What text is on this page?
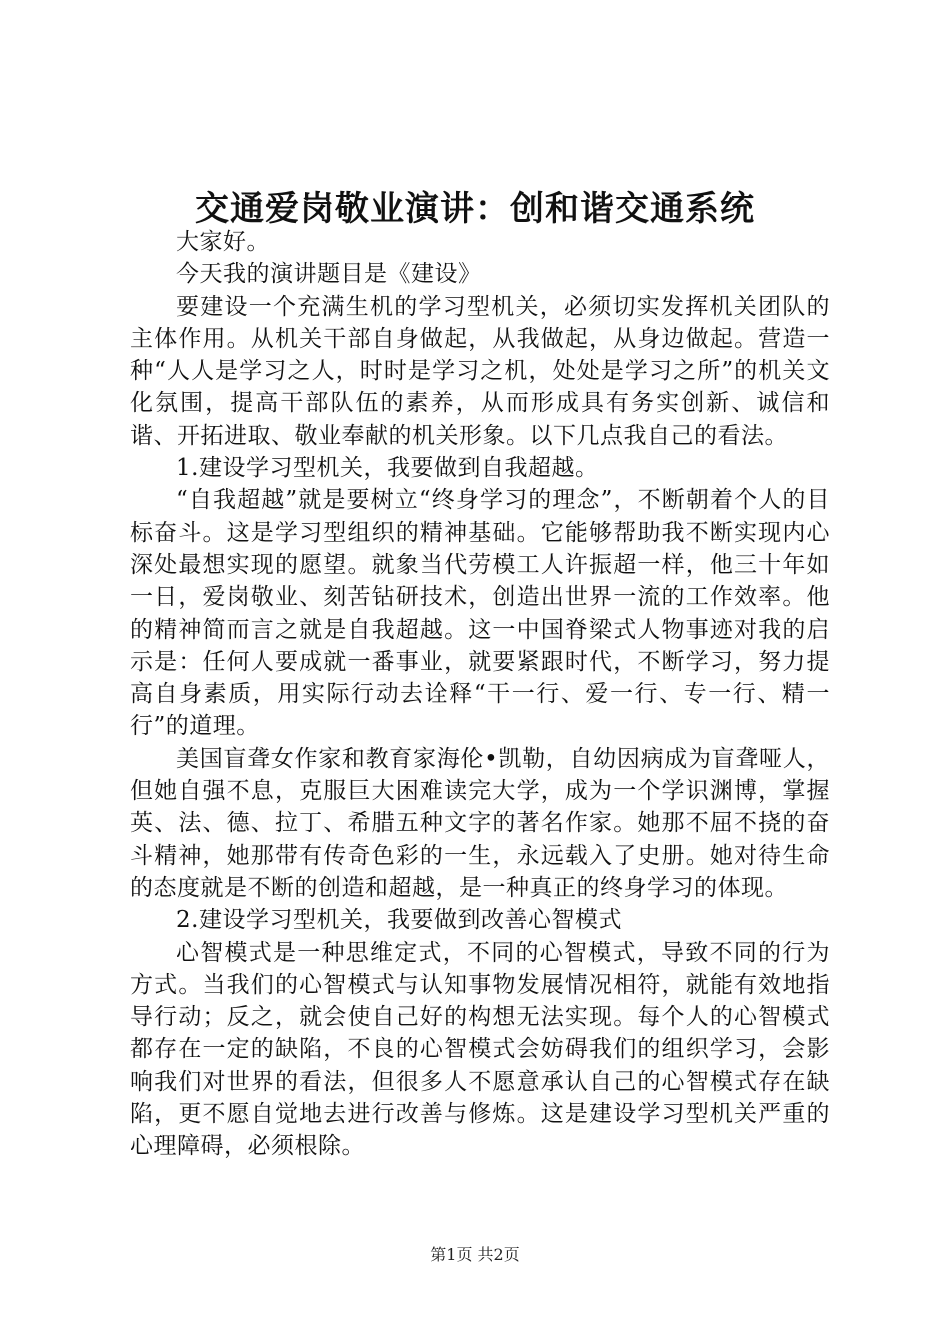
交通爱岗敬业演讲：创和谐交通系统

大家好。

今天我的演讲题目是《建设》

要建设一个充满生机的学习型机关，必须切实发挥机关团队的主体作用。从机关干部自身做起，从我做起，从身边做起。营造一种“人人是学习之人，时时是学习之机，处处是学习之所”的机关文化氛围，提高干部队伍的素养，从而形成具有务实创新、诚信和谐、开拓进取、敬业奉献的机关形象。以下几点我自己的看法。

1.建设学习型机关，我要做到自我超越。

“自我超越”就是要树立“终身学习的理念”，不断朝着个人的目标奋斗。这是学习型组织的精神基础。它能够帮助我不断实现内心深处最想实现的愿望。就象当代劳模工人许振超一样，他三十年如一日，爱岗敬业、刻苦钻研技术，创造出世界一流的工作效率。他的精神简而言之就是自我超越。这一中国脊梁式人物事迹对我的启示是：任何人要成就一番事业，就要紧跟时代，不断学习，努力提高自身素质，用实际行动去诠释“干一行、爱一行、专一行、精一行”的道理。

美国盲聋女作家和教育家海伦•凯勒，自幼因病成为盲聋哑人，但她自强不息，克服巨大困难读完大学，成为一个学识渊博，掌握英、法、德、拉丁、希腊五种文字的著名作家。她那不屈不挠的奋斗精神，她那带有传奇色彩的一生，永远载入了史册。她对待生命的态度就是不断的创造和超越，是一种真正的终身学习的体现。

2.建设学习型机关，我要做到改善心智模式

心智模式是一种思维定式，不同的心智模式，导致不同的行为方式。当我们的心智模式与认知事物发展情况相符，就能有效地指导行动；反之，就会使自己好的构想无法实现。每个人的心智模式都存在一定的缺陷，不良的心智模式会妨碍我们的组织学习，会影响我们对世界的看法，但很多人不愿意承认自己的心智模式存在缺陷，更不愿自觉地去进行改善与修炼。这是建设学习型机关严重的心理障碍，必须根除。

第1页 共2页
